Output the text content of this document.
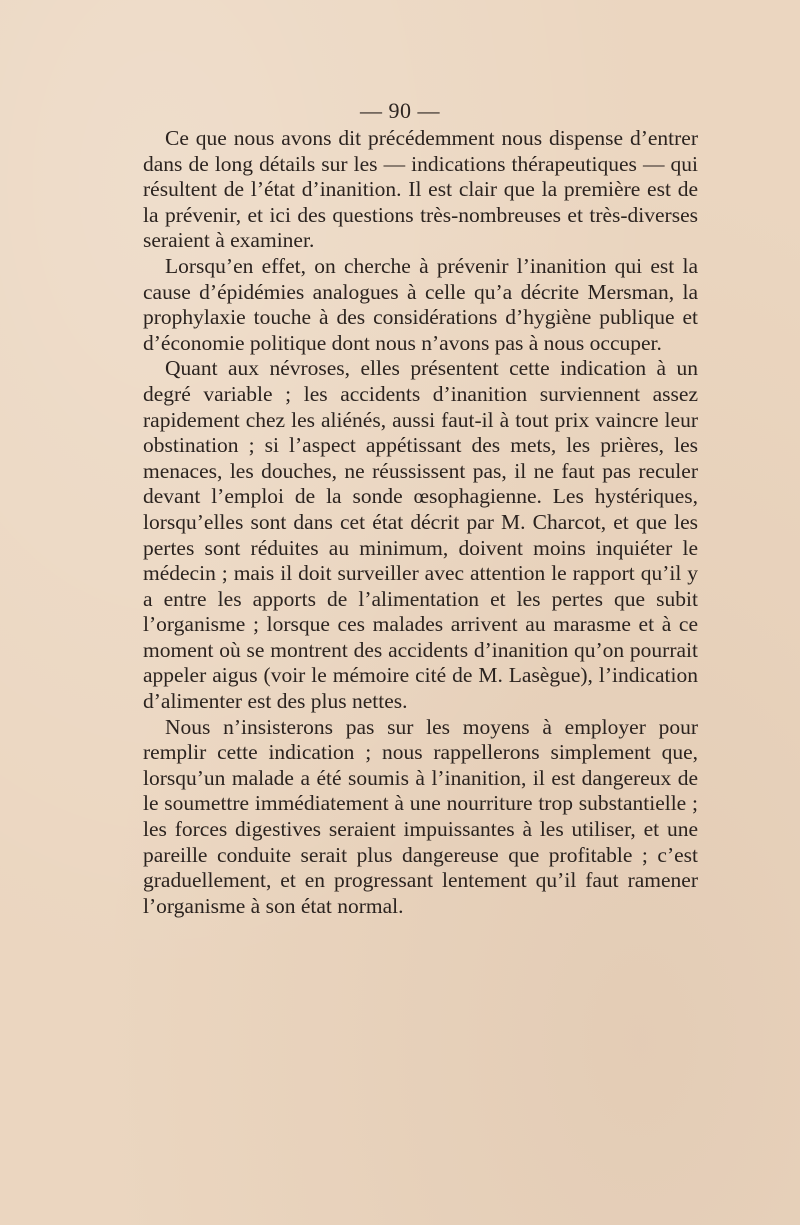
— 90 —

Ce que nous avons dit précédemment nous dispense d’entrer dans de long détails sur les — indications thérapeutiques — qui résultent de l’état d’inanition. Il est clair que la première est de la prévenir, et ici des questions très-nombreuses et très-diverses seraient à examiner.

Lorsqu’en effet, on cherche à prévenir l’inanition qui est la cause d’épidémies analogues à celle qu’a décrite Mersman, la prophylaxie touche à des considérations d’hygiène publique et d’économie politique dont nous n’avons pas à nous occuper.

Quant aux névroses, elles présentent cette indication à un degré variable ; les accidents d’inanition surviennent assez rapidement chez les aliénés, aussi faut-il à tout prix vaincre leur obstination ; si l’aspect appétissant des mets, les prières, les menaces, les douches, ne réussissent pas, il ne faut pas reculer devant l’emploi de la sonde œsophagienne. Les hystériques, lorsqu’elles sont dans cet état décrit par M. Charcot, et que les pertes sont réduites au minimum, doivent moins inquiéter le médecin ; mais il doit surveiller avec attention le rapport qu’il y a entre les apports de l’alimentation et les pertes que subit l’organisme ; lorsque ces malades arrivent au marasme et à ce moment où se montrent des accidents d’inanition qu’on pourrait appeler aigus (voir le mémoire cité de M. Lasègue), l’indication d’alimenter est des plus nettes.

Nous n’insisterons pas sur les moyens à employer pour remplir cette indication ; nous rappellerons simplement que, lorsqu’un malade a été soumis à l’inanition, il est dangereux de le soumettre immédiatement à une nourriture trop substantielle ; les forces digestives seraient impuissantes à les utiliser, et une pareille conduite serait plus dangereuse que profitable ; c’est graduellement, et en progressant lentement qu’il faut ramener l’organisme à son état normal.
